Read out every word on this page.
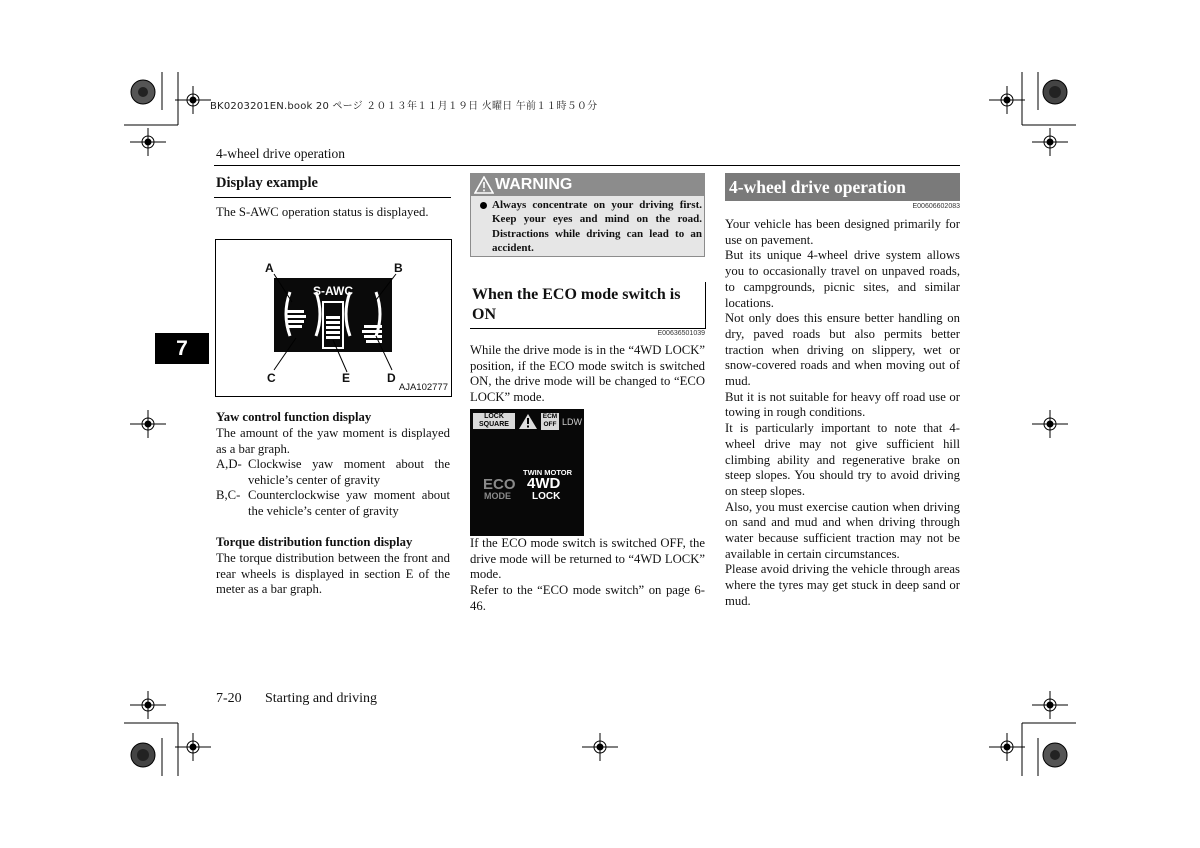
BK0203201EN.book 20 ページ ２０１３年１１月１９日 火曜日 午前１１時５０分
4-wheel drive operation
7
Display example

The S-AWC operation status is displayed.

S-AWC
A	B
C	E	D
AJA102777

Yaw control function display

The amount of the yaw moment is displayed as a bar graph.

A,D- Clockwise yaw moment about the vehicle’s center of gravity
B,C- Counterclockwise yaw moment about the vehicle’s center of gravity

Torque distribution function display

The torque distribution between the front and rear wheels is displayed in section E of the meter as a bar graph.

WARNING

Always concentrate on your driving first. Keep your eyes and mind on the road. Distractions while driving can lead to an accident.

When the ECO mode switch is ON
E00636501039

While the drive mode is in the “4WD LOCK” position, if the ECO mode switch is switched ON, the drive mode will be changed to “ECO LOCK” mode.

LOCK
SQUARE
ECM
OFF LDW
ECO
MODE
TWIN MOTOR
4WD
LOCK

If the ECO mode switch is switched OFF, the drive mode will be returned to “4WD LOCK” mode.

Refer to the “ECO mode switch” on page 6-46.

4-wheel drive operation
E00606602083

Your vehicle has been designed primarily for use on pavement.

But its unique 4-wheel drive system allows you to occasionally travel on unpaved roads, to campgrounds, picnic sites, and similar locations.

Not only does this ensure better handling on dry, paved roads but also permits better traction when driving on slippery, wet or snow-covered roads and when moving out of mud.

But it is not suitable for heavy off road use or towing in rough conditions.

It is particularly important to note that 4-wheel drive may not give sufficient hill climbing ability and regenerative brake on steep slopes. You should try to avoid driving on steep slopes.

Also, you must exercise caution when driving on sand and mud and when driving through water because sufficient traction may not be available in certain circumstances.

Please avoid driving the vehicle through areas where the tyres may get stuck in deep sand or mud.

7-20 Starting and driving
